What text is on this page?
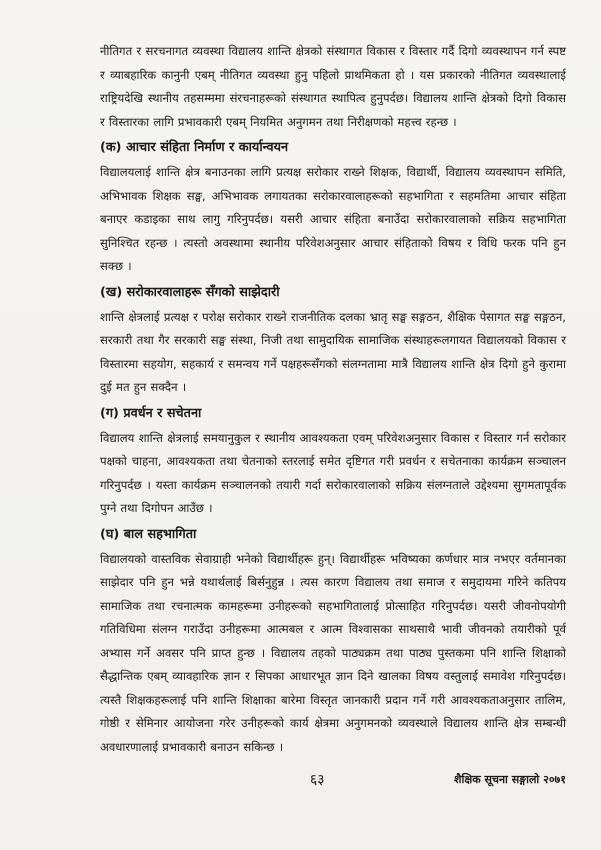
नीतिगत र सरचनागत व्यवस्था विद्यालय शान्ति क्षेत्रको संस्थागत विकास र विस्तार गर्दै दिगो व्यवस्थापन गर्न स्पष्ट र व्याबहारिक कानुनी एबम् नीतिगत व्यवस्था हुनु पहिलो प्राथमिकता हो । यस प्रकारको नीतिगत व्यवस्थालाई राष्ट्रियदेखि स्थानीय तहसम्ममा संरचनाहरूको संस्थागत स्थापित्व हुनुपर्दछ। विद्यालय शान्ति क्षेत्रको दिगो विकास र विस्तारका लागि प्रभावकारी एबम् नियमित अनुगमन तथा निरीक्षणको महत्त्व रहन्छ ।

(क) आचार संहिता निर्माण र कार्यान्वयन

विद्यालयलाई शान्ति क्षेत्र बनाउनका लागि प्रत्यक्ष सरोकार राख्ने शिक्षक, विद्यार्थी, विद्यालय व्यवस्थापन समिति, अभिभावक शिक्षक सङ्घ, अभिभावक लगायतका सरोकारवालाहरूको सहभागिता र सहमतिमा आचार संहिता बनाएर कडाइका साथ लागु गरिनुपर्दछ। यसरी आचार संहिता बनाउँदा सरोकारवालाको सक्रिय सहभागिता सुनिश्चित रहन्छ । त्यस्तो अवस्थामा स्थानीय परिवेशअनुसार आचार संहिताको विषय र विधि फरक पनि हुन सक्छ ।

(ख) सरोकारवालाहरू सँगको साझेदारी

शान्ति क्षेत्रलाई प्रत्यक्ष र परोक्ष सरोकार राख्ने राजनीतिक दलका भ्रातृ सङ्घ सङ्गठन, शैक्षिक पेसागत सङ्घ सङ्गठन, सरकारी तथा गैर सरकारी सङ्घ संस्था, निजी तथा सामुदायिक सामाजिक संस्थाहरूलगायत विद्यालयको विकास र विस्तारमा सहयोग, सहकार्य र समन्वय गर्ने पक्षहरूसँगको संलग्नतामा मात्रै विद्यालय शान्ति क्षेत्र दिगो हुने कुरामा दुई मत हुन सक्दैन ।

(ग) प्रवर्धन र सचेतना

विद्यालय शान्ति क्षेत्रलाई समयानुकुल र स्थानीय आवश्यकता एवम् परिवेशअनुसार विकास र विस्तार गर्न सरोकार पक्षको चाहना, आवश्यकता तथा चेतनाको स्तरलाई समेत दृष्टिगत गरी प्रवर्धन र सचेतनाका कार्यक्रम सञ्चालन गरिनुपर्दछ । यस्ता कार्यक्रम सञ्चालनको तयारी गर्दा सरोकारवालाको सक्रिय संलग्नताले उद्देश्यमा सुगमतापूर्वक पुग्ने तथा दिगोपन आउँछ ।

(घ) बाल सहभागिता

विद्यालयको वास्तविक सेवाग्राही भनेको विद्यार्थीहरू हुन्। विद्यार्थीहरू भविष्यका कर्णधार मात्र नभएर वर्तमानका साझेदार पनि हुन भन्ने यथार्थलाई बिर्सनुहुन्न । त्यस कारण विद्यालय तथा समाज र समुदायमा गरिने कतिपय सामाजिक तथा रचनात्मक कामहरूमा उनीहरूको सहभागितालाई प्रोत्साहित गरिनुपर्दछ। यसरी जीवनोपयोगी गतिविधिमा संलग्न गराउँदा उनीहरूमा आत्मबल र आत्म विश्वासका साथसाथै भावी जीवनको तयारीको पूर्व अभ्यास गर्ने अवसर पनि प्राप्त हुन्छ । विद्यालय तहको पाठ्यक्रम तथा पाठ्य पुस्तकमा पनि शान्ति शिक्षाको सैद्धान्तिक एबम् व्यावहारिक ज्ञान र सिपका आधारभूत ज्ञान दिने खालका विषय वस्तुलाई समावेश गरिनुपर्दछ। त्यस्तै शिक्षकहरूलाई पनि शान्ति शिक्षाका बारेमा विस्तृत जानकारी प्रदान गर्ने गरी आवश्यकताअनुसार तालिम, गोष्ठी र सेमिनार आयोजना गरेर उनीहरूको कार्य क्षेत्रमा अनुगमनको व्यवस्थाले विद्यालय शान्ति क्षेत्र सम्बन्धी अवधारणालाई प्रभावकारी बनाउन सकिन्छ ।

६३	शैक्षिक सूचना सङ्गालो २०७१
